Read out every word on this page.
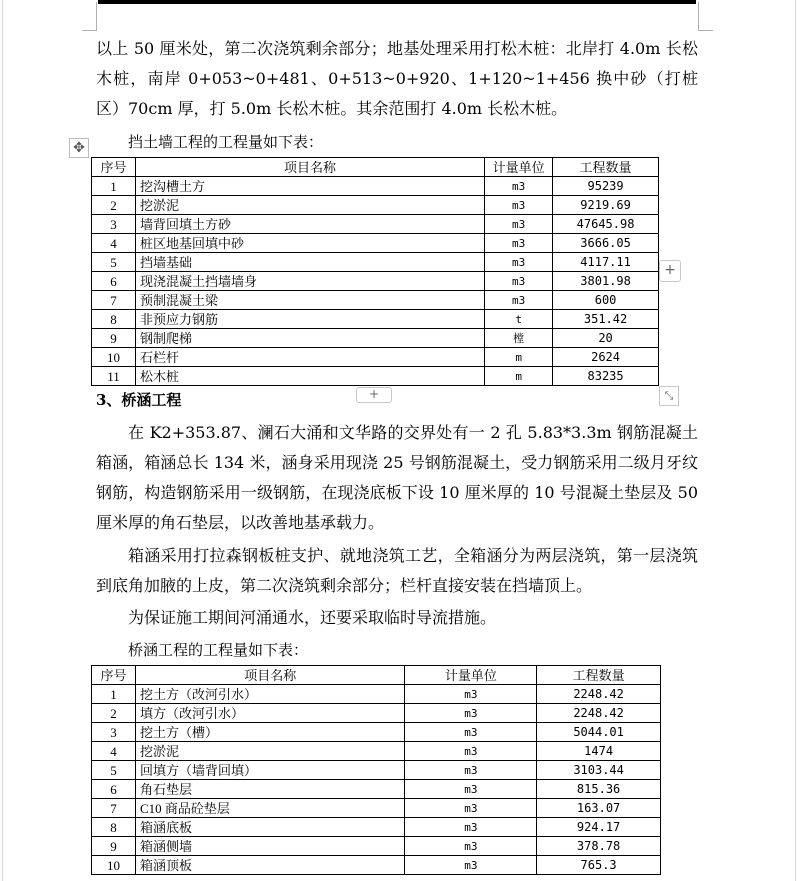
以上 50 厘米处，第二次浇筑剩余部分；地基处理采用打松木桩：北岸打 4.0m 长松木桩，南岸 0+053~0+481、0+513~0+920、1+120~1+456 换中砂（打桩区）70cm 厚，打 5.0m 长松木桩。其余范围打 4.0m 长松木桩。
✥	挡土墙工程的工程量如下表：
序号	项目名称	计量单位	工程数量
1	挖沟槽土方	m3	95239
2	挖淤泥	m3	9219.69
3	墙背回填土方砂	m3	47645.98
4	桩区地基回填中砂	m3	3666.05
5	挡墙基础	m3	4117.11
6	现浇混凝土挡墙墙身	m3	3801.98
7	预制混凝土梁	m3	600
8	非预应力钢筋	t	351.42
9	钢制爬梯	樘	20
10	石栏杆	m	2624
11	松木桩	m	83235
+
+	⤡
3、桥涵工程
在 K2+353.87、澜石大涌和文华路的交界处有一 2 孔 5.83*3.3m 钢筋混凝土箱涵，箱涵总长 134 米，涵身采用现浇 25 号钢筋混凝土，受力钢筋采用二级月牙纹钢筋，构造钢筋采用一级钢筋，在现浇底板下设 10 厘米厚的 10 号混凝土垫层及 50 厘米厚的角石垫层，以改善地基承载力。
箱涵采用打拉森钢板桩支护、就地浇筑工艺，全箱涵分为两层浇筑，第一层浇筑到底角加腋的上皮，第二次浇筑剩余部分；栏杆直接安装在挡墙顶上。
为保证施工期间河涌通水，还要采取临时导流措施。
桥涵工程的工程量如下表：
序号	项目名称	计量单位	工程数量
1	挖土方（改河引水）	m3	2248.42
2	填方（改河引水）	m3	2248.42
3	挖土方（槽）	m3	5044.01
4	挖淤泥	m3	1474
5	回填方（墙背回填）	m3	3103.44
6	角石垫层	m3	815.36
7	C10 商品砼垫层	m3	163.07
8	箱涵底板	m3	924.17
9	箱涵侧墙	m3	378.78
10	箱涵顶板	m3	765.3
